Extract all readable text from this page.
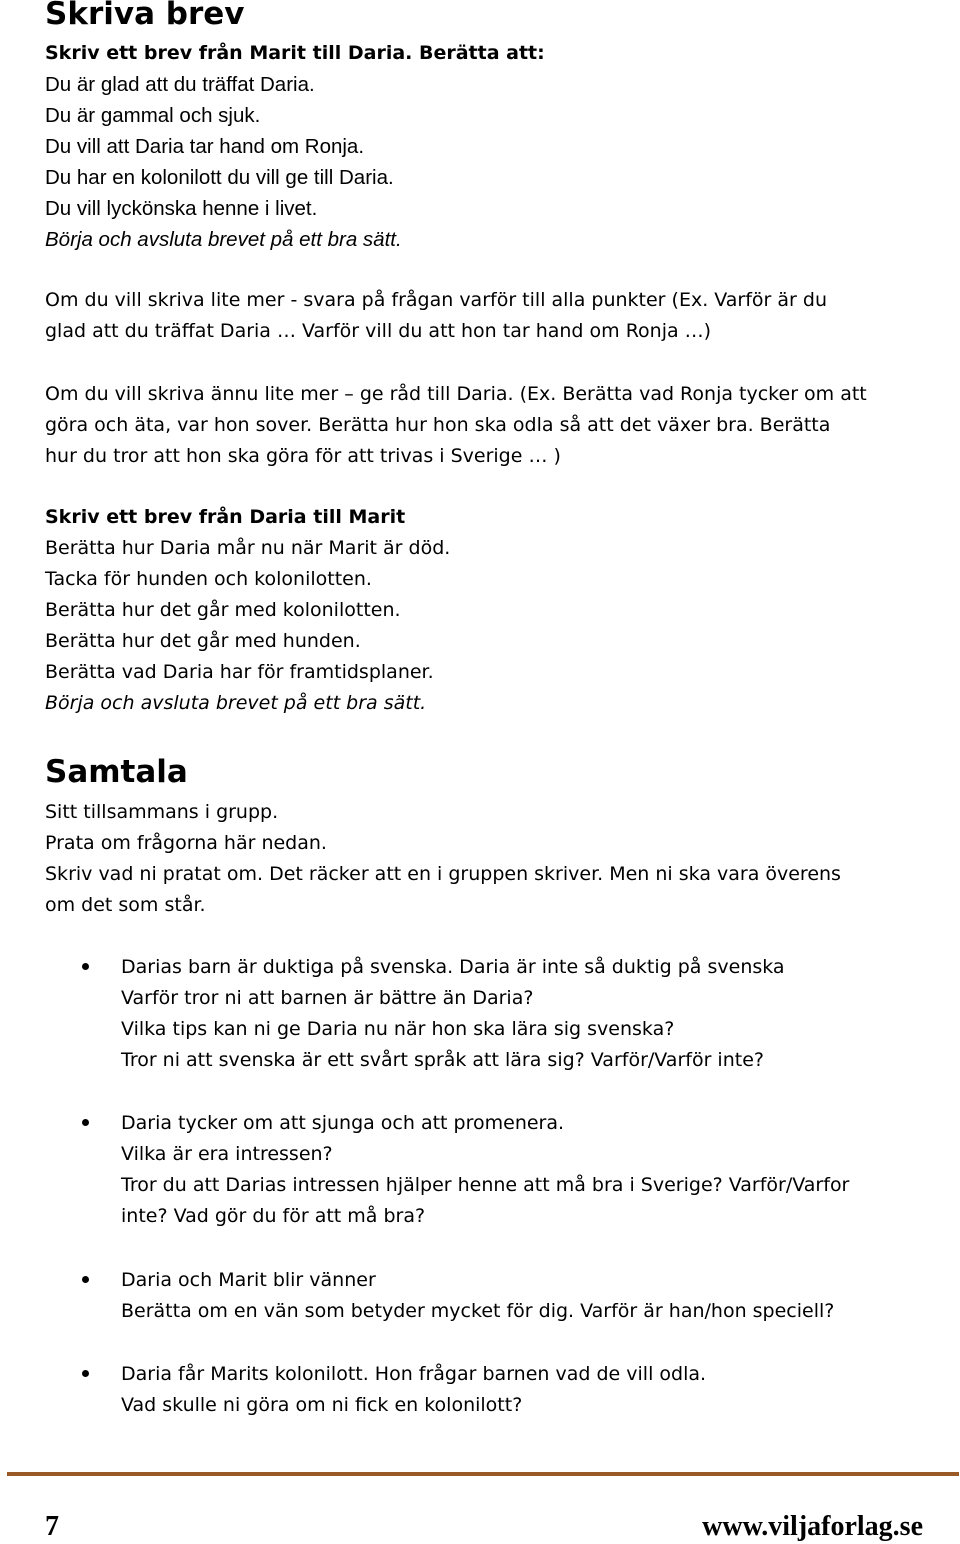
Skriva brev
Skriv ett brev från Marit till Daria. Berätta att:
Du är glad att du träffat Daria.
Du är gammal och sjuk.
Du vill att Daria tar hand om Ronja.
Du har en kolonilott du vill ge till Daria.
Du vill lyckönska henne i livet.
Börja och avsluta brevet på ett bra sätt.
Om du vill skriva lite mer - svara på frågan varför till alla punkter (Ex. Varför är du
glad att du träffat Daria … Varför vill du att hon tar hand om Ronja …)
Om du vill skriva ännu lite mer – ge råd till Daria. (Ex. Berätta vad Ronja tycker om att
göra och äta, var hon sover. Berätta hur hon ska odla så att det växer bra. Berätta
hur du tror att hon ska göra för att trivas i Sverige … )
Skriv ett brev från Daria till Marit
Berätta hur Daria mår nu när Marit är död.
Tacka för hunden och kolonilotten.
Berätta hur det går med kolonilotten.
Berätta hur det går med hunden.
Berätta vad Daria har för framtidsplaner.
Börja och avsluta brevet på ett bra sätt.
Samtala
Sitt tillsammans i grupp.
Prata om frågorna här nedan.
Skriv vad ni pratat om. Det räcker att en i gruppen skriver. Men ni ska vara överens
om det som står.
Darias barn är duktiga på svenska. Daria är inte så duktig på svenska
Varför tror ni att barnen är bättre än Daria?
Vilka tips kan ni ge Daria nu när hon ska lära sig svenska?
Tror ni att svenska är ett svårt språk att lära sig? Varför/Varför inte?
Daria tycker om att sjunga och att promenera.
Vilka är era intressen?
Tror du att Darias intressen hjälper henne att må bra i Sverige? Varför/Varfor
inte? Vad gör du för att må bra?
Daria och Marit blir vänner
Berätta om en vän som betyder mycket för dig. Varför är han/hon speciell?
Daria får Marits kolonilott. Hon frågar barnen vad de vill odla.
Vad skulle ni göra om ni fick en kolonilott?
7	www.viljaforlag.se
